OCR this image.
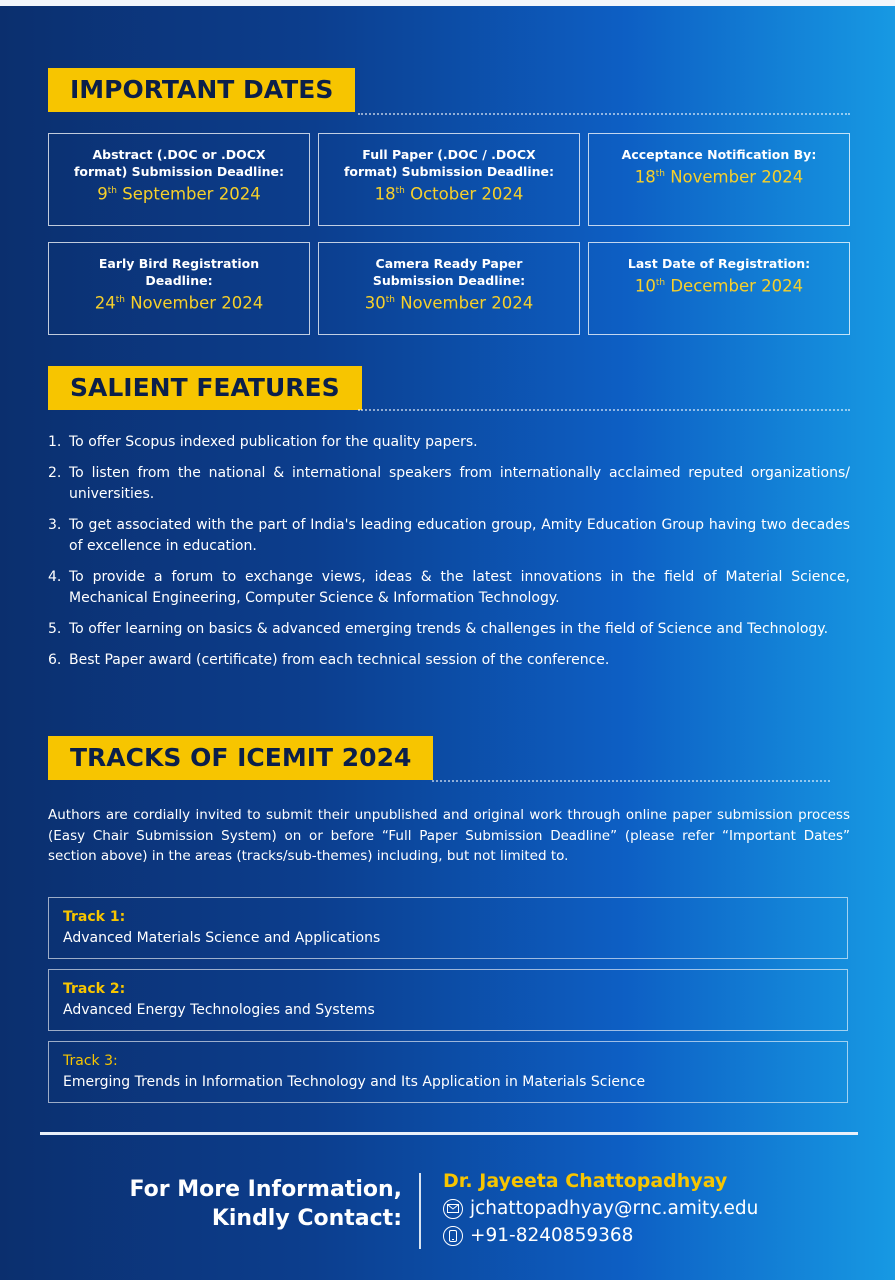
IMPORTANT DATES
Abstract (.DOC or .DOCX
format) Submission Deadline:
9th September 2024
Full Paper (.DOC / .DOCX
format) Submission Deadline:
18th October 2024
Acceptance Notification By:
18th November 2024
Early Bird Registration
Deadline:
24th November 2024
Camera Ready Paper
Submission Deadline:
30th November 2024
Last Date of Registration:
10th December 2024
SALIENT FEATURES
1. To offer Scopus indexed publication for the quality papers.
2. To listen from the national & international speakers from internationally acclaimed reputed organizations/ universities.
3. To get associated with the part of India's leading education group, Amity Education Group having two decades of excellence in education.
4. To provide a forum to exchange views, ideas & the latest innovations in the field of Material Science, Mechanical Engineering, Computer Science & Information Technology.
5. To offer learning on basics & advanced emerging trends & challenges in the field of Science and Technology.
6. Best Paper award (certificate) from each technical session of the conference.
TRACKS OF ICEMIT 2024
Authors are cordially invited to submit their unpublished and original work through online paper submission process (Easy Chair Submission System) on or before “Full Paper Submission Deadline” (please refer “Important Dates” section above) in the areas (tracks/sub-themes) including, but not limited to.
Track 1:
Advanced Materials Science and Applications
Track 2:
Advanced Energy Technologies and Systems
Track 3:
Emerging Trends in Information Technology and Its Application in Materials Science
For More Information,
Kindly Contact:
Dr. Jayeeta Chattopadhyay
jchattopadhyay@rnc.amity.edu
+91-8240859368
